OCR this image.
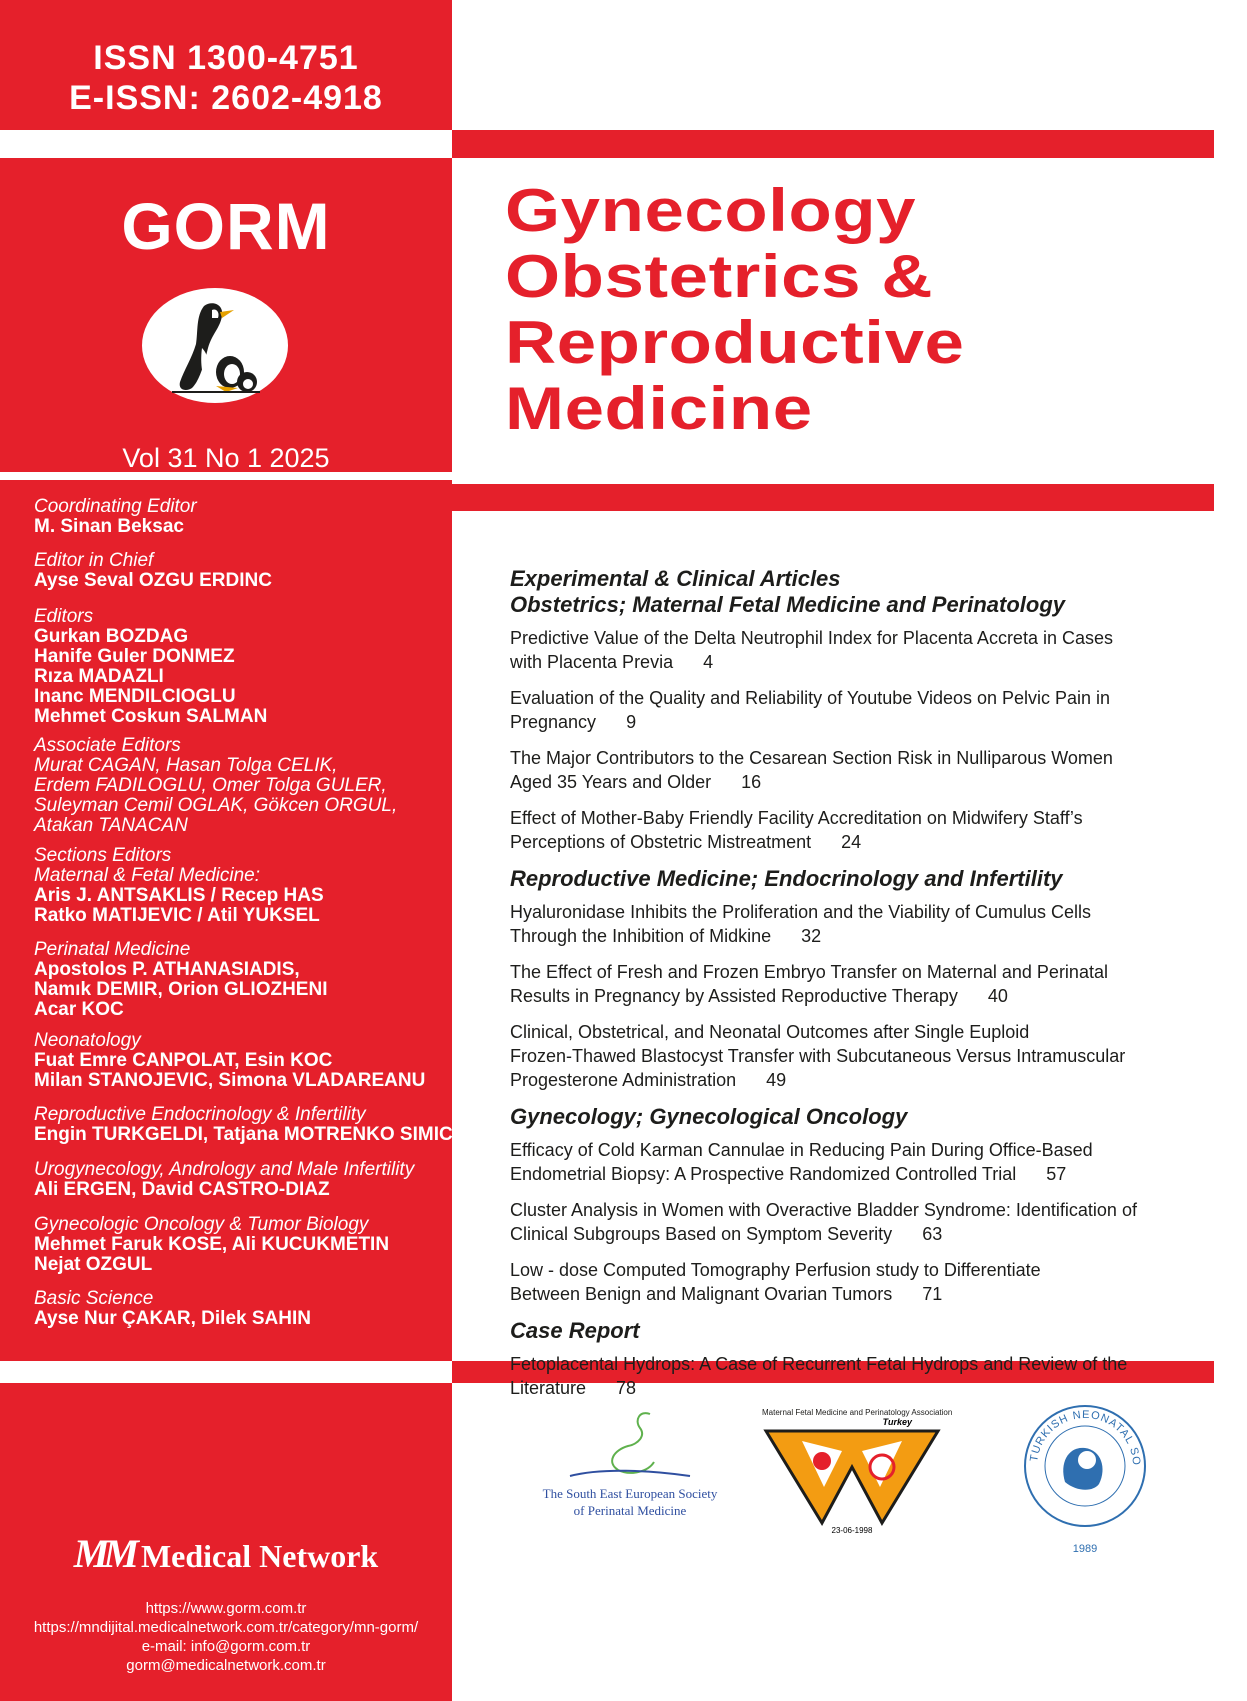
ISSN 1300-4751
E-ISSN: 2602-4918
GORM
Vol 31 No 1 2025
Coordinating Editor
M. Sinan Beksac
Editor in Chief
Ayse Seval OZGU ERDINC
Editors
Gurkan BOZDAG
Hanife Guler DONMEZ
Rıza MADAZLI
Inanc MENDILCIOGLU
Mehmet Coskun SALMAN
Associate Editors
Murat CAGAN, Hasan Tolga CELIK,
Erdem FADILOGLU, Omer Tolga GULER,
Suleyman Cemil OGLAK, Gökcen ORGUL,
Atakan TANACAN
Sections Editors
Maternal & Fetal Medicine:
Aris J. ANTSAKLIS / Recep HAS
Ratko MATIJEVIC / Atil YUKSEL
Perinatal Medicine
Apostolos P. ATHANASIADIS,
Namık DEMIR, Orion GLIOZHENI
Acar KOC
Neonatology
Fuat Emre CANPOLAT, Esin KOC
Milan STANOJEVIC, Simona VLADAREANU
Reproductive Endocrinology & Infertility
Engin TURKGELDI, Tatjana MOTRENKO SIMIC
Urogynecology, Andrology and Male Infertility
Ali ERGEN, David CASTRO-DIAZ
Gynecologic Oncology & Tumor Biology
Mehmet Faruk KOSE, Ali KUCUKMETIN
Nejat OZGUL
Basic Science
Ayse Nur ÇAKAR, Dilek SAHIN
MM Medical Network
https://www.gorm.com.tr
https://mndijital.medicalnetwork.com.tr/category/mn-gorm/
e-mail: info@gorm.com.tr
gorm@medicalnetwork.com.tr
Gynecology
Obstetrics &
Reproductive
Medicine
Experimental & Clinical Articles
Obstetrics; Maternal Fetal Medicine and Perinatology
Predictive Value of the Delta Neutrophil Index for Placenta Accreta in Cases
with Placenta Previa 4
Evaluation of the Quality and Reliability of Youtube Videos on Pelvic Pain in
Pregnancy 9
The Major Contributors to the Cesarean Section Risk in Nulliparous Women
Aged 35 Years and Older 16
Effect of Mother-Baby Friendly Facility Accreditation on Midwifery Staff’s
Perceptions of Obstetric Mistreatment 24
Reproductive Medicine; Endocrinology and Infertility
Hyaluronidase Inhibits the Proliferation and the Viability of Cumulus Cells
Through the Inhibition of Midkine 32
The Effect of Fresh and Frozen Embryo Transfer on Maternal and Perinatal
Results in Pregnancy by Assisted Reproductive Therapy 40
Clinical, Obstetrical, and Neonatal Outcomes after Single Euploid
Frozen-Thawed Blastocyst Transfer with Subcutaneous Versus Intramuscular
Progesterone Administration 49
Gynecology; Gynecological Oncology
Efficacy of Cold Karman Cannulae in Reducing Pain During Office-Based
Endometrial Biopsy: A Prospective Randomized Controlled Trial 57
Cluster Analysis in Women with Overactive Bladder Syndrome: Identification of
Clinical Subgroups Based on Symptom Severity 63
Low - dose Computed Tomography Perfusion study to Differentiate
Between Benign and Malignant Ovarian Tumors 71
Case Report
Fetoplacental Hydrops: A Case of Recurrent Fetal Hydrops and Review of the
Literature 78
The South East European Society
of Perinatal Medicine
Maternal Fetal Medicine and Perinatology Association
Turkey
23-06-1998
TURKISH NEONATAL SO
1989
